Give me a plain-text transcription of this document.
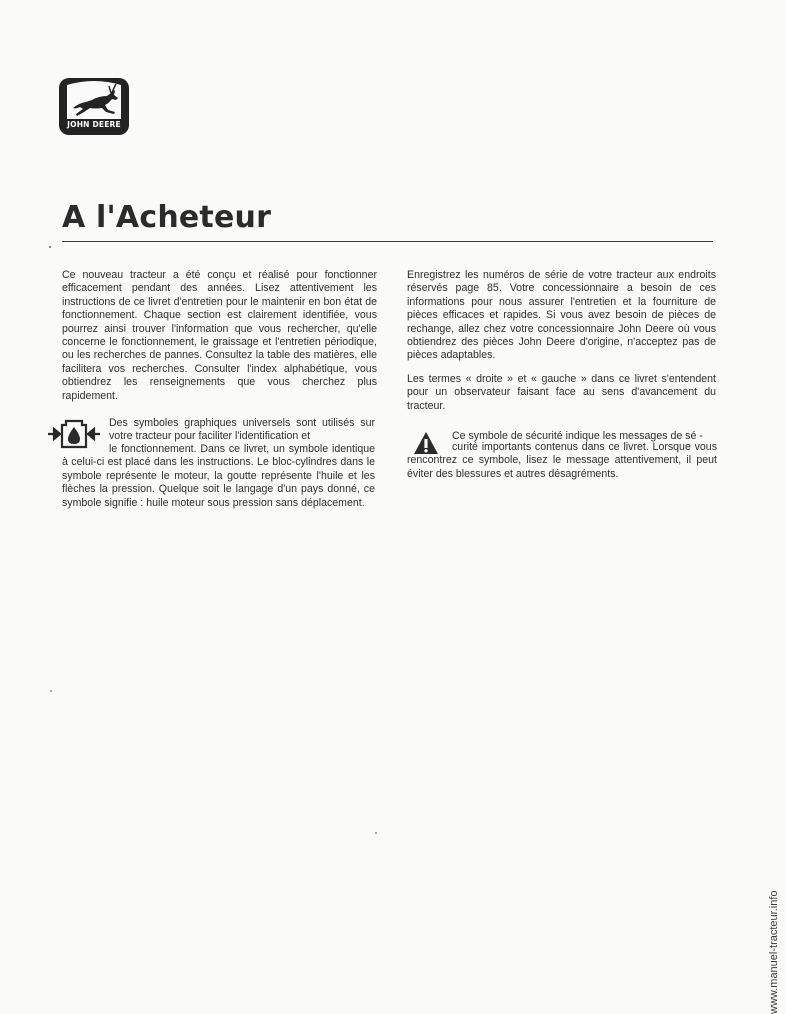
JOHN DEERE
A l'Acheteur

Ce nouveau tracteur a été conçu et réalisé pour fonctionner efficacement pendant des années. Lisez attentivement les instructions de ce livret d'entretien pour le maintenir en bon état de fonctionnement. Chaque section est clairement identifiée, vous pourrez ainsi trouver l'information que vous rechercher, qu'elle concerne le fonctionnement, le graissage et l'entretien périodique, ou les recherches de pannes. Consultez la table des matières, elle facilitera vos recherches. Consulter l'index alphabétique, vous obtiendrez les renseignements que vous cherchez plus rapidement.

Des symboles graphiques universels sont utilisés sur votre tracteur pour faciliter l'identification et

le fonctionnement. Dans ce livret, un symbole identique à celui-ci est placé dans les instructions. Le bloc-cylindres dans le symbole représente le moteur, la goutte représente l'huile et les flèches la pression. Quelque soit le langage d'un pays donné, ce symbole signifie : huile moteur sous pression sans déplacement.

Enregistrez les numéros de série de votre tracteur aux endroits réservés page 85. Votre concessionnaire a besoin de ces informations pour nous assurer l'entretien et la fourniture de pièces efficaces et rapides. Si vous avez besoin de pièces de rechange, allez chez votre concessionnaire John Deere où vous obtiendrez des pièces John Deere d'origine, n'acceptez pas de pièces adaptables.

Les termes « droite » et « gauche » dans ce livret s'entendent pour un observateur faisant face au sens d'avancement du tracteur.

Ce symbole de sécurité indique les messages de sé -

curité importants contenus dans ce livret. Lorsque vous rencontrez ce symbole, lisez le message attentivement, il peut éviter des blessures et autres désagréments.

www.manuel-tracteur.info
